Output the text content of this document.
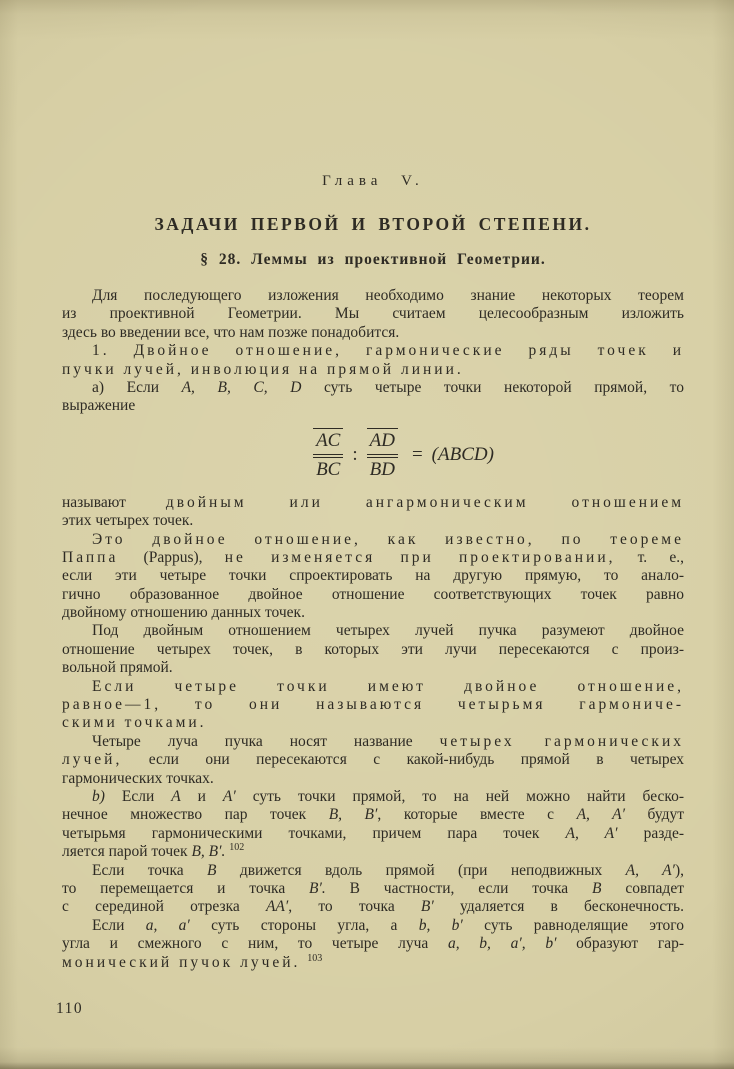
Глава V.
ЗАДАЧИ ПЕРВОЙ И ВТОРОЙ СТЕПЕНИ.
§ 28. Леммы из проективной Геометрии.
Для последующего изложения необходимо знание некоторых теорем
из проективной Геометрии. Мы считаем целесообразным изложить
здесь во введении все, что нам позже понадобится.
1. Двойное отношение, гармонические ряды точек и
пучки лучей, инволюция на прямой линии.
а) Если A, B, C, D суть четыре точки некоторой прямой, то
выражение
$\frac{AC}{BC}$ : $\frac{AD}{BD}$ = (ABCD)
называют двойным или ангармоническим отношением
этих четырех точек.
Это двойное отношение, как известно, по теореме
Паппа (Pappus), не изменяется при проектировании, т. е.,
если эти четыре точки спроектировать на другую прямую, то анало-
гично образованное двойное отношение соответствующих точек равно
двойному отношению данных точек.
Под двойным отношением четырех лучей пучка разумеют двойное
отношение четырех точек, в которых эти лучи пересекаются с произ-
вольной прямой.
Если четыре точки имеют двойное отношение,
равное—1, то они называются четырьмя гармониче-
скими точками.
Четыре луча пучка носят название четырех гармонических
лучей, если они пересекаются с какой-нибудь прямой в четырех
гармонических точках.
b) Если A и A′ суть точки прямой, то на ней можно найти беско-
нечное множество пар точек B, B′, которые вместе с A, A′ будут
четырьмя гармоническими точками, причем пара точек A, A′ разде-
ляется парой точек B, B′. $^{102}$
Если точка B движется вдоль прямой (при неподвижных A, A′),
то перемещается и точка B′. В частности, если точка B совпадет
с серединой отрезка AA′, то точка B′ удаляется в бесконечность.
Если a, a′ суть стороны угла, а b, b′ суть равноделящие этого
угла и смежного с ним, то четыре луча a, b, a′, b′ образуют гар-
монический пучок лучей. $^{103}$
110
